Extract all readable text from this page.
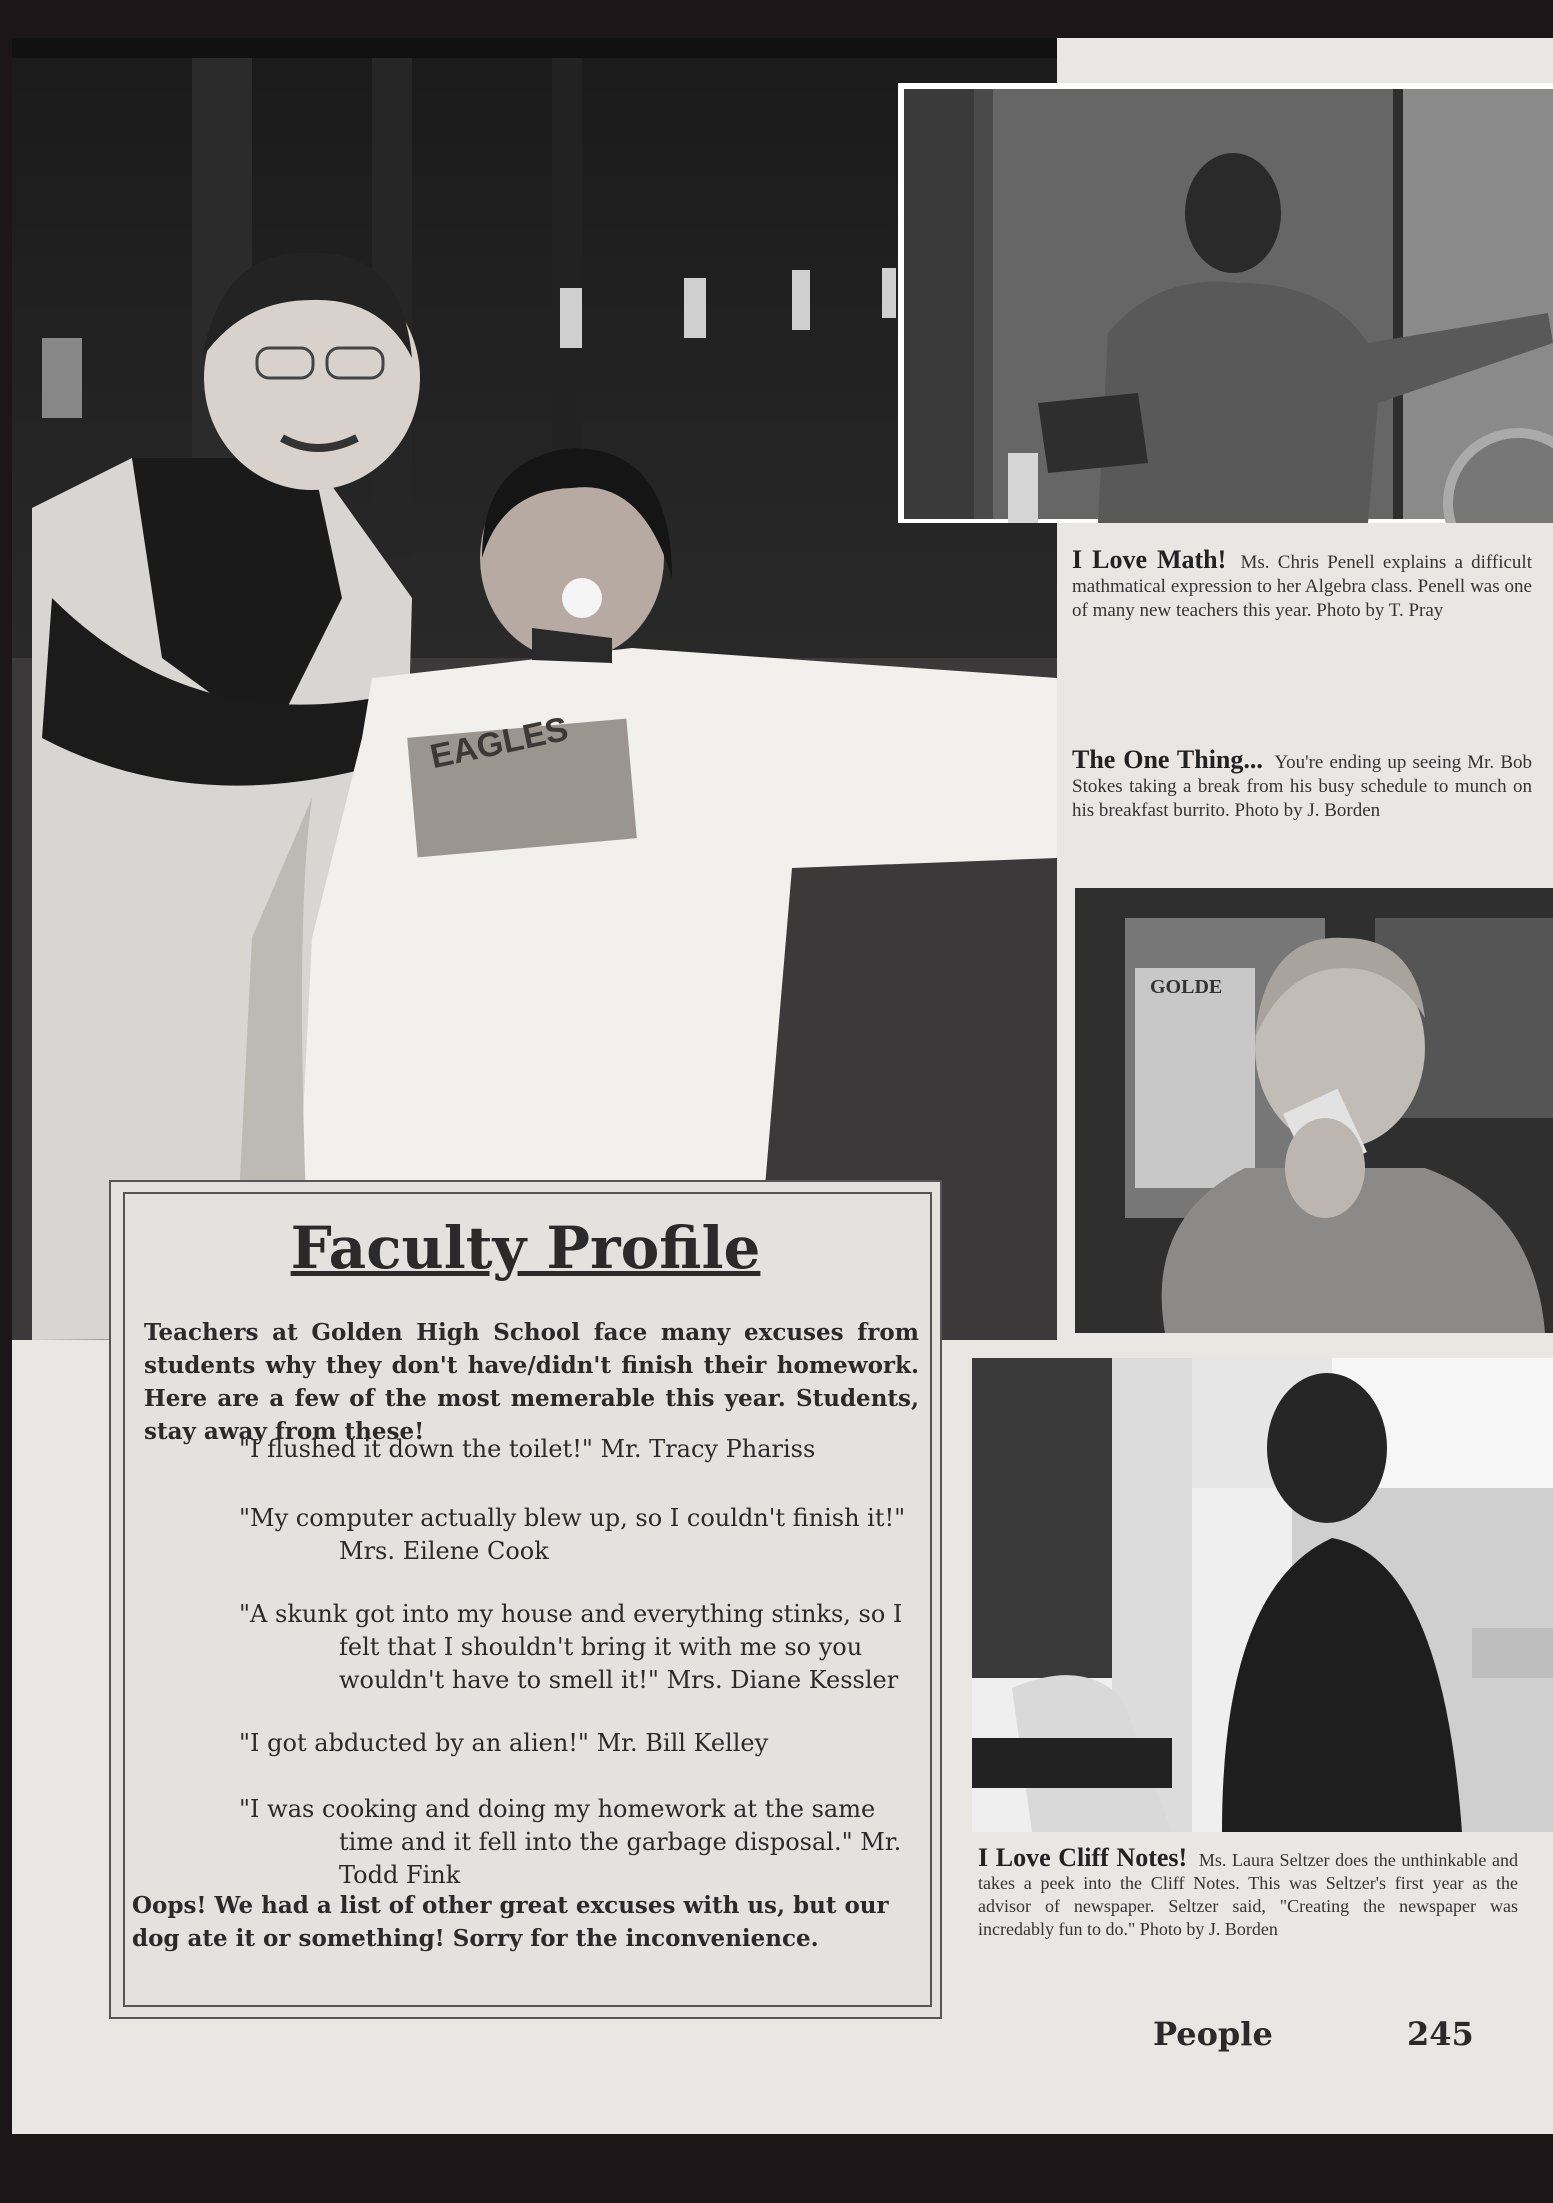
EAGLES

I Love Math! Ms. Chris Penell explains a difficult mathmatical expression to her Algebra class. Penell was one of many new teachers this year. Photo by T. Pray

The One Thing... You're ending up seeing Mr. Bob Stokes taking a break from his busy schedule to munch on his breakfast burrito. Photo by J. Borden

GOLDE

I Love Cliff Notes! Ms. Laura Seltzer does the unthinkable and takes a peek into the Cliff Notes. This was Seltzer's first year as the advisor of newspaper. Seltzer said, "Creating the newspaper was incredably fun to do." Photo by J. Borden

Faculty Profile

Teachers at Golden High School face many excuses from students why they don't have/didn't finish their homework. Here are a few of the most memerable this year. Students, stay away from these!

"I flushed it down the toilet!" Mr. Tracy Phariss

"My computer actually blew up, so I couldn't finish it!" Mrs. Eilene Cook

"A skunk got into my house and everything stinks, so I felt that I shouldn't bring it with me so you wouldn't have to smell it!" Mrs. Diane Kessler

"I got abducted by an alien!" Mr. Bill Kelley

"I was cooking and doing my homework at the same time and it fell into the garbage disposal." Mr. Todd Fink

Oops! We had a list of other great excuses with us, but our dog ate it or something! Sorry for the inconvenience.

People	245
